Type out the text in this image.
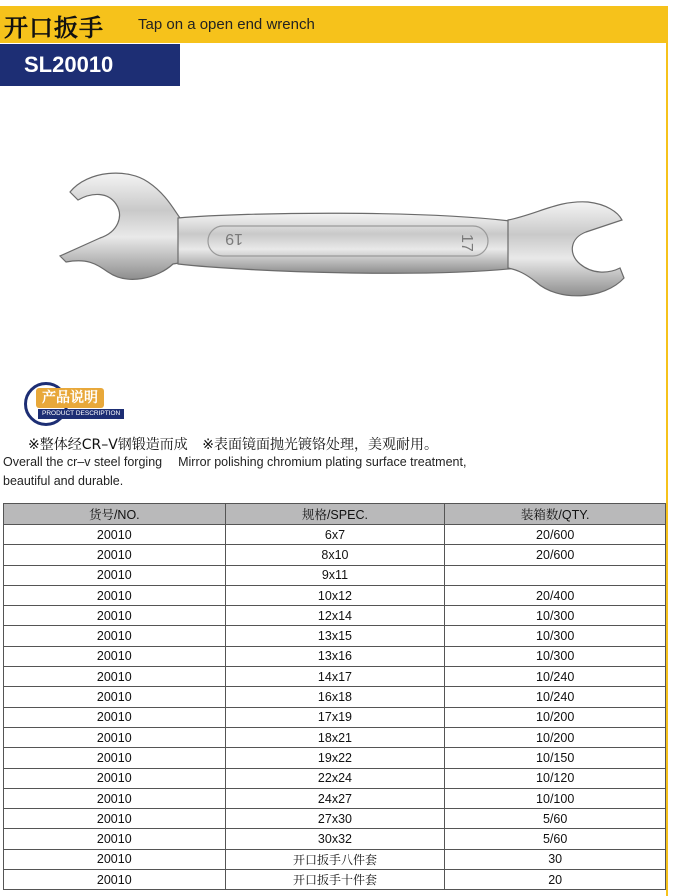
开口扳手 Tap on a open end wrench
SL20010
19	17
产品说明
PRODUCT DESCRIPTION
※整体经CR–V钢锻造而成 ※表面镜面抛光镀铬处理，美观耐用。
Overall the cr–v steel forging Mirror polishing chromium plating surface treatment,
beautiful and durable.
货号/NO.	规格/SPEC.	装箱数/QTY.
20010	6x7	20/600
20010	8x10	20/600
20010	9x11	
20010	10x12	20/400
20010	12x14	10/300
20010	13x15	10/300
20010	13x16	10/300
20010	14x17	10/240
20010	16x18	10/240
20010	17x19	10/200
20010	18x21	10/200
20010	19x22	10/150
20010	22x24	10/120
20010	24x27	10/100
20010	27x30	5/60
20010	30x32	5/60
20010	开口扳手八件套	30
20010	开口扳手十件套	20
